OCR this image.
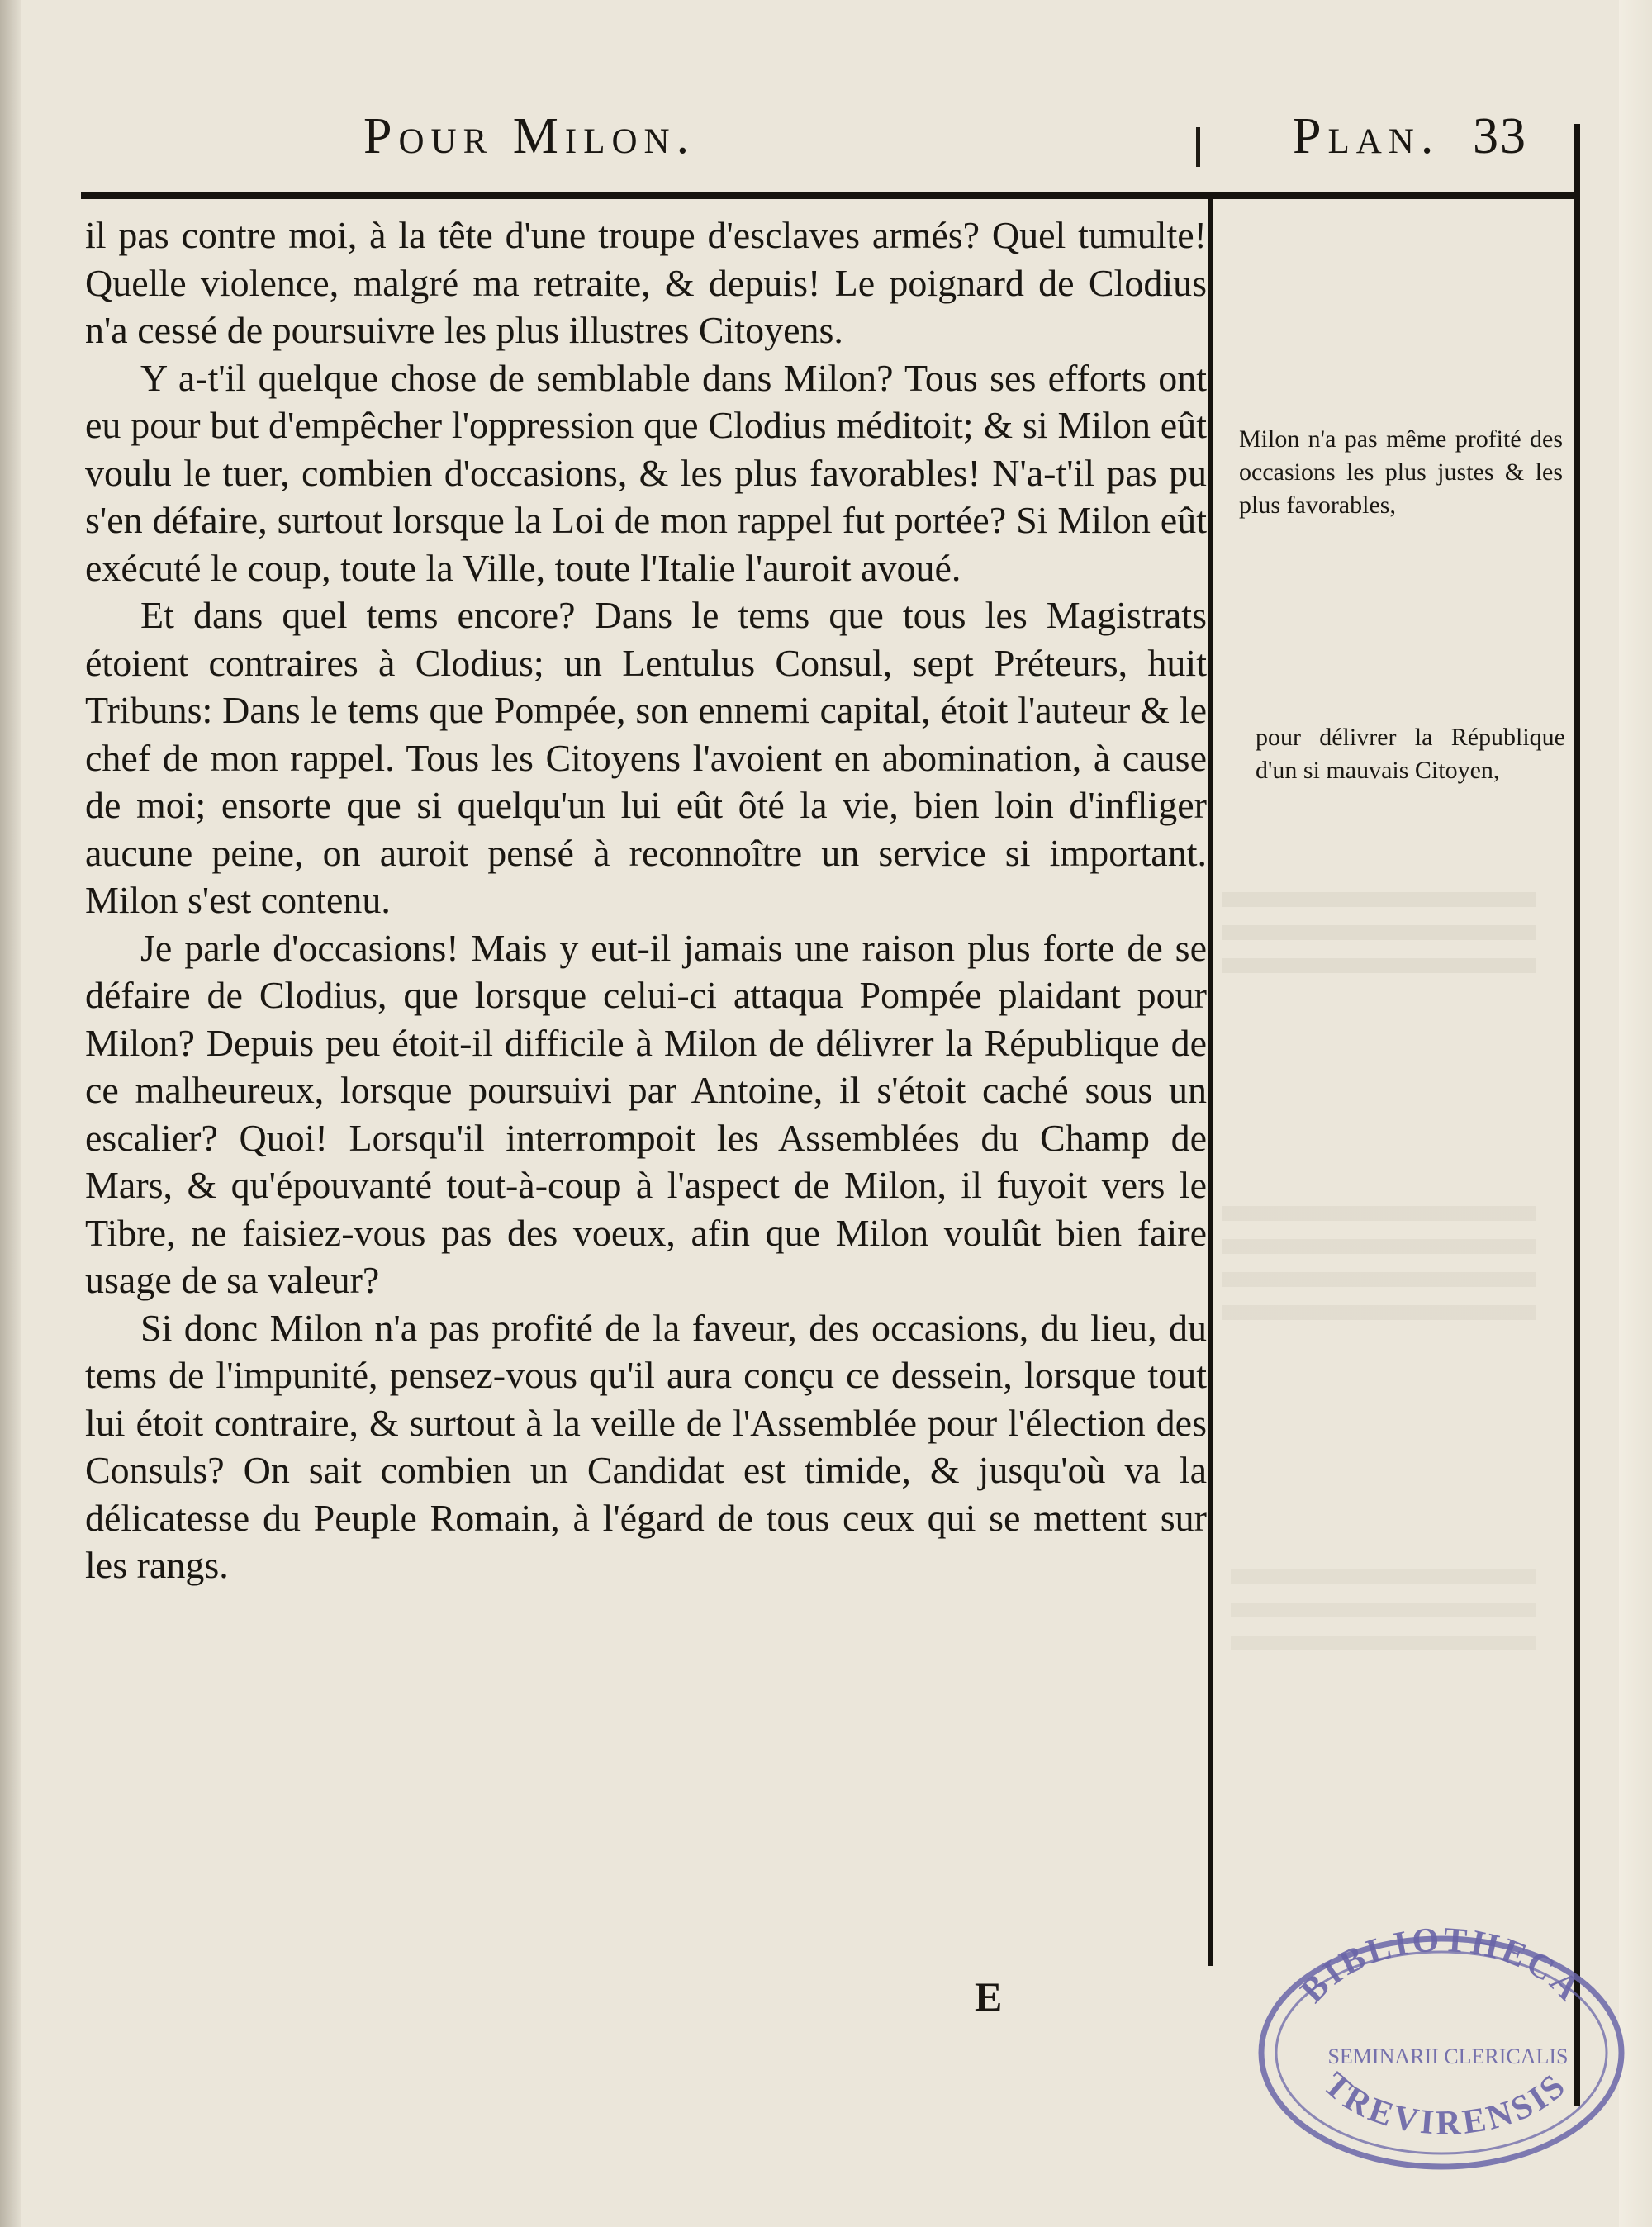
Pour Milon.	Plan. 33

il pas contre moi, à la tête d'une troupe d'esclaves armés? Quel tumulte! Quelle violence, malgré ma retraite, & depuis! Le poignard de Clodius n'a cessé de poursuivre les plus illustres Citoyens.

Y a-t'il quelque chose de semblable dans Milon? Tous ses efforts ont eu pour but d'empêcher l'oppression que Clodius méditoit; & si Milon eût voulu le tuer, combien d'occasions, & les plus favorables! N'a-t'il pas pu s'en défaire, surtout lorsque la Loi de mon rappel fut portée? Si Milon eût exécuté le coup, toute la Ville, toute l'Italie l'auroit avoué.

Et dans quel tems encore? Dans le tems que tous les Magistrats étoient contraires à Clodius; un Lentulus Consul, sept Préteurs, huit Tribuns: Dans le tems que Pompée, son ennemi capital, étoit l'auteur & le chef de mon rappel. Tous les Citoyens l'avoient en abomination, à cause de moi; ensorte que si quelqu'un lui eût ôté la vie, bien loin d'infliger aucune peine, on auroit pensé à reconnoître un service si important. Milon s'est contenu.

Je parle d'occasions! Mais y eut-il jamais une raison plus forte de se défaire de Clodius, que lorsque celui-ci attaqua Pompée plaidant pour Milon? Depuis peu étoit-il difficile à Milon de délivrer la République de ce malheureux, lorsque poursuivi par Antoine, il s'étoit caché sous un escalier? Quoi! Lorsqu'il interrompoit les Assemblées du Champ de Mars, & qu'épouvanté tout-à-coup à l'aspect de Milon, il fuyoit vers le Tibre, ne faisiez-vous pas des voeux, afin que Milon voulût bien faire usage de sa valeur?

Si donc Milon n'a pas profité de la faveur, des occasions, du lieu, du tems de l'impunité, pensez-vous qu'il aura conçu ce dessein, lorsque tout lui étoit contraire, & surtout à la veille de l'Assemblée pour l'élection des Consuls? On sait combien un Candidat est timide, & jusqu'où va la délicatesse du Peuple Romain, à l'égard de tous ceux qui se mettent sur les rangs.

Milon n'a pas même profité des occasions les plus justes & les plus favorables,
pour délivrer la République d'un si mauvais Citoyen,
E	BIBLIOTHECA
SEMINARII CLERICALIS
TREVIRENSIS
